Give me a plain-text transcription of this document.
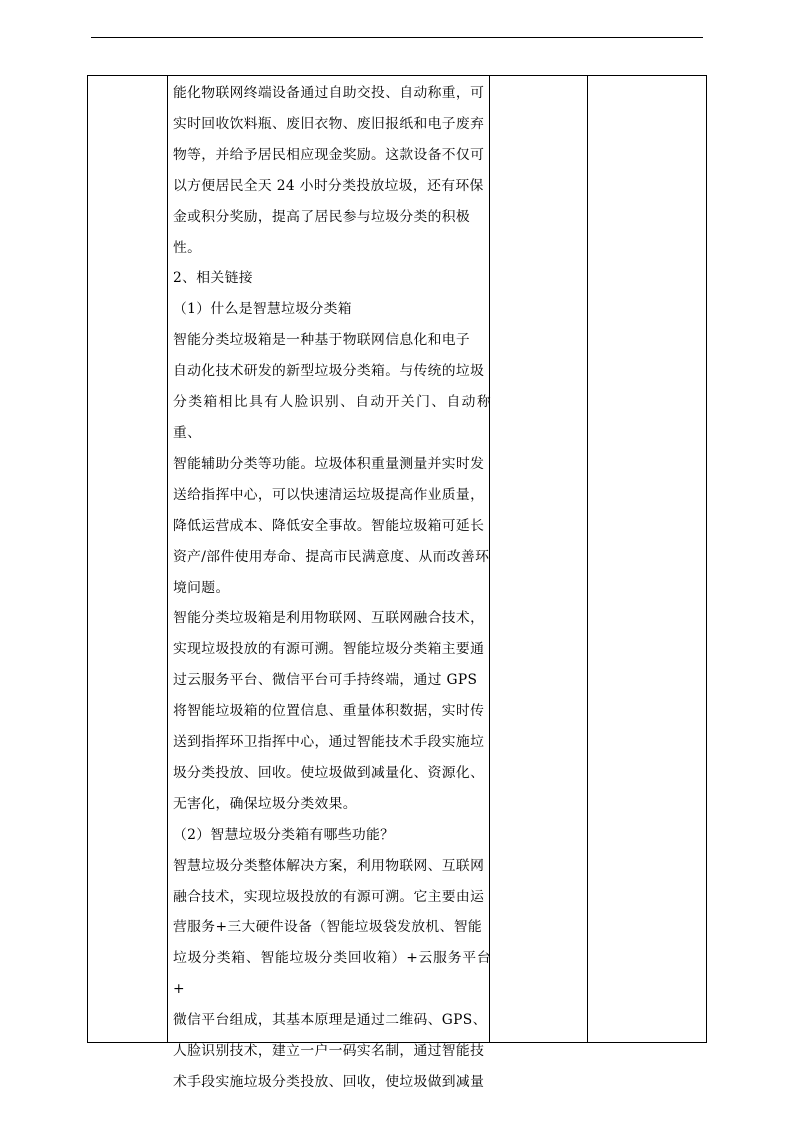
能化物联网终端设备通过自助交投、自动称重，可

实时回收饮料瓶、废旧衣物、废旧报纸和电子废弃

物等，并给予居民相应现金奖励。这款设备不仅可

以方便居民全天 24 小时分类投放垃圾，还有环保

金或积分奖励，提高了居民参与垃圾分类的积极

性。

2、相关链接

（1）什么是智慧垃圾分类箱

智能分类垃圾箱是一种基于物联网信息化和电子

自动化技术研发的新型垃圾分类箱。与传统的垃圾

分类箱相比具有人脸识别、自动开关门、自动称重、

智能辅助分类等功能。垃圾体积重量测量并实时发

送给指挥中心，可以快速清运垃圾提高作业质量，

降低运营成本、降低安全事故。智能垃圾箱可延长

资产/部件使用寿命、提高市民满意度、从而改善环

境问题。

智能分类垃圾箱是利用物联网、互联网融合技术，

实现垃圾投放的有源可溯。智能垃圾分类箱主要通

过云服务平台、微信平台可手持终端，通过 GPS

将智能垃圾箱的位置信息、重量体积数据，实时传

送到指挥环卫指挥中心，通过智能技术手段实施垃

圾分类投放、回收。使垃圾做到减量化、资源化、

无害化，确保垃圾分类效果。

（2）智慧垃圾分类箱有哪些功能？

智慧垃圾分类整体解决方案，利用物联网、互联网

融合技术，实现垃圾投放的有源可溯。它主要由运

营服务+三大硬件设备（智能垃圾袋发放机、智能

垃圾分类箱、智能垃圾分类回收箱）+云服务平台+

微信平台组成，其基本原理是通过二维码、GPS、

人脸识别技术，建立一户一码实名制，通过智能技

术手段实施垃圾分类投放、回收，使垃圾做到减量
